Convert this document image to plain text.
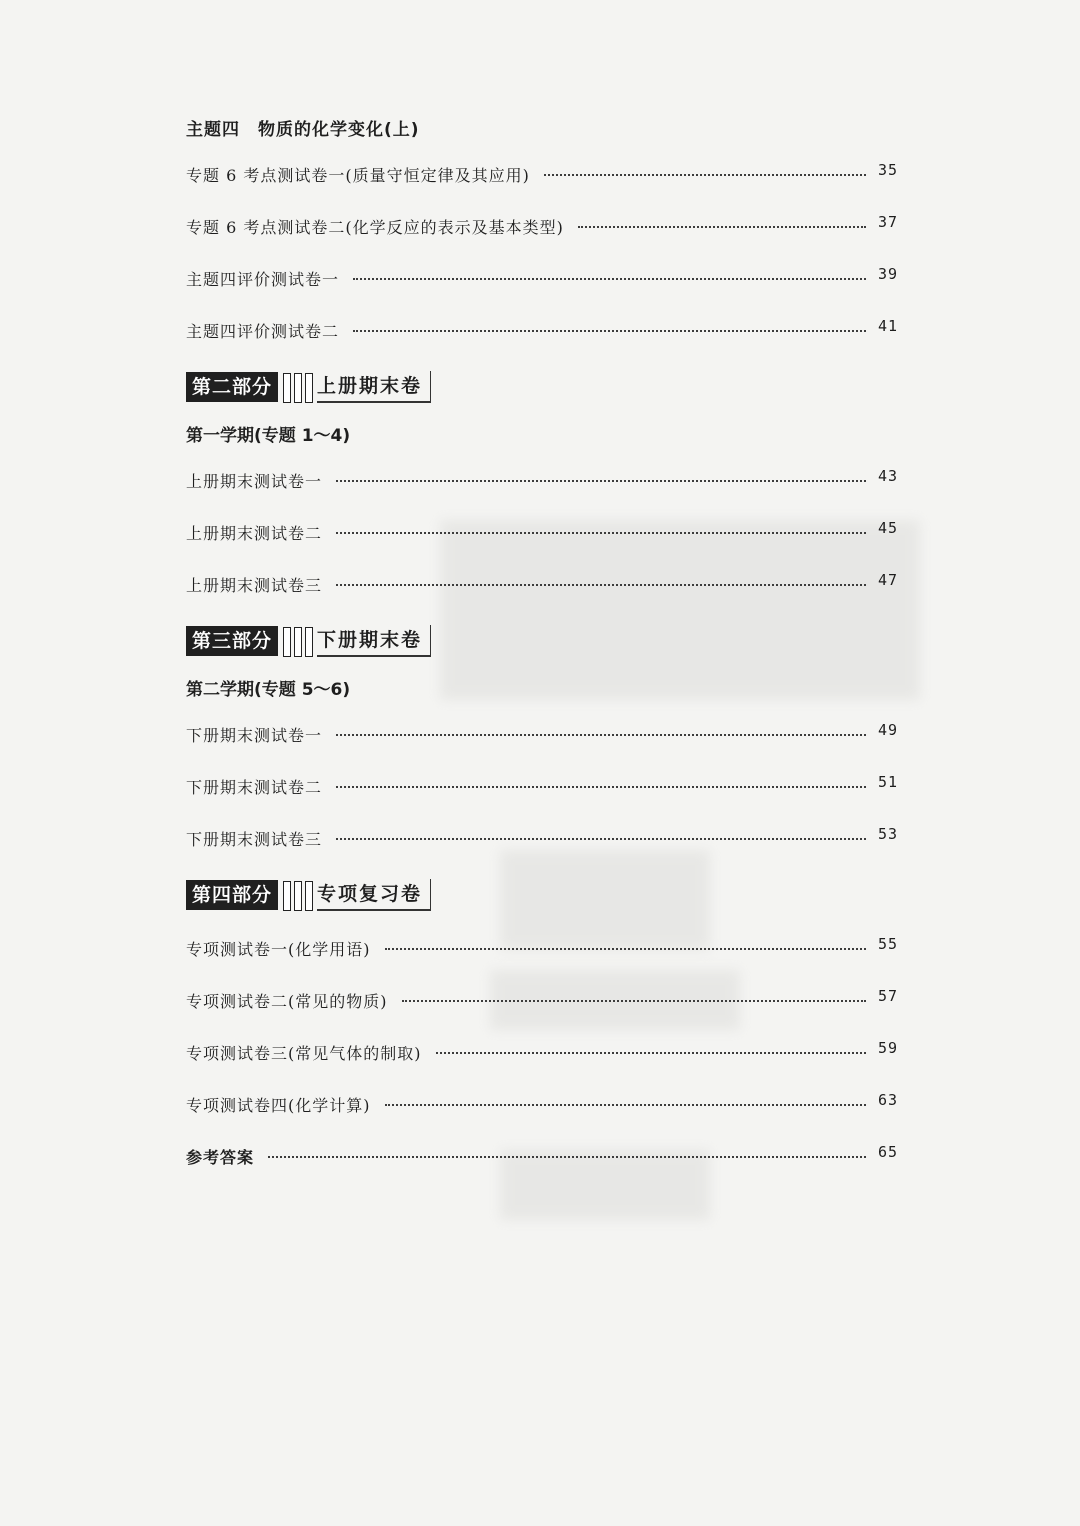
主题四　物质的化学变化(上)
专题 6 考点测试卷一(质量守恒定律及其应用)	35
专题 6 考点测试卷二(化学反应的表示及基本类型)	37
主题四评价测试卷一	39
主题四评价测试卷二	41
第二部分	上册期末卷
第一学期(专题 1～4)
上册期末测试卷一	43
上册期末测试卷二	45
上册期末测试卷三	47
第三部分	下册期末卷
第二学期(专题 5～6)
下册期末测试卷一	49
下册期末测试卷二	51
下册期末测试卷三	53
第四部分	专项复习卷
专项测试卷一(化学用语)	55
专项测试卷二(常见的物质)	57
专项测试卷三(常见气体的制取)	59
专项测试卷四(化学计算)	63
参考答案	65
